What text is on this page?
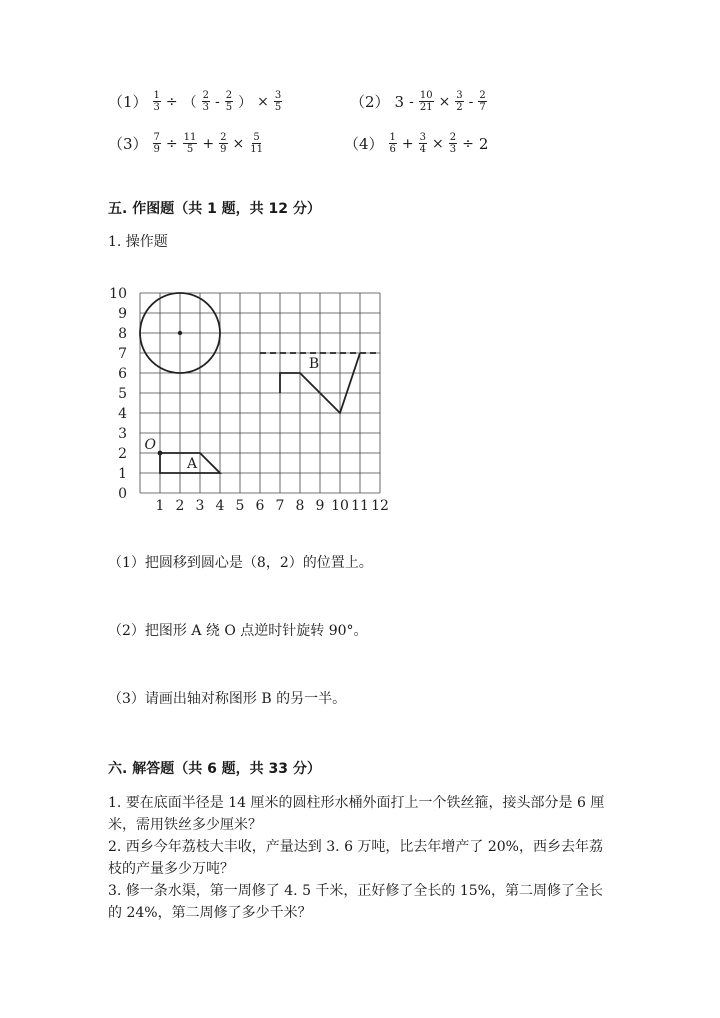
$(1) \frac{1}{3}$ ÷ （ $\frac{2}{3} - \frac{2}{5}$ ） × $\frac{3}{5}$	（2） $3 - \frac{10}{21} \times \frac{3}{2} - \frac{2}{7}$
$(3) \frac{7}{9} \div \frac{11}{5} + \frac{2}{9} \times \frac{5}{11}$	$(4) \frac{1}{6} + \frac{3}{4} \times \frac{2}{3} \div 2$
五. 作图题（共 1 题，共 12 分）
1. 操作题
1 2 3 4 5 6 7 8 9 10 11 12
0
1
2
3
4
5
6
7
8
9
10
A
O
B
（1）把圆移到圆心是（8，2）的位置上。
（2）把图形 A 绕 O 点逆时针旋转 90°。
（3）请画出轴对称图形 B 的另一半。
六. 解答题（共 6 题，共 33 分）
1. 要在底面半径是 14 厘米的圆柱形水桶外面打上一个铁丝箍，接头部分是 6 厘米，需用铁丝多少厘米？
2. 西乡今年荔枝大丰收，产量达到 3. 6 万吨，比去年增产了 20%，西乡去年荔枝的产量多少万吨？
3. 修一条水渠，第一周修了 4. 5 千米，正好修了全长的 15%，第二周修了全长的 24%，第二周修了多少千米？
